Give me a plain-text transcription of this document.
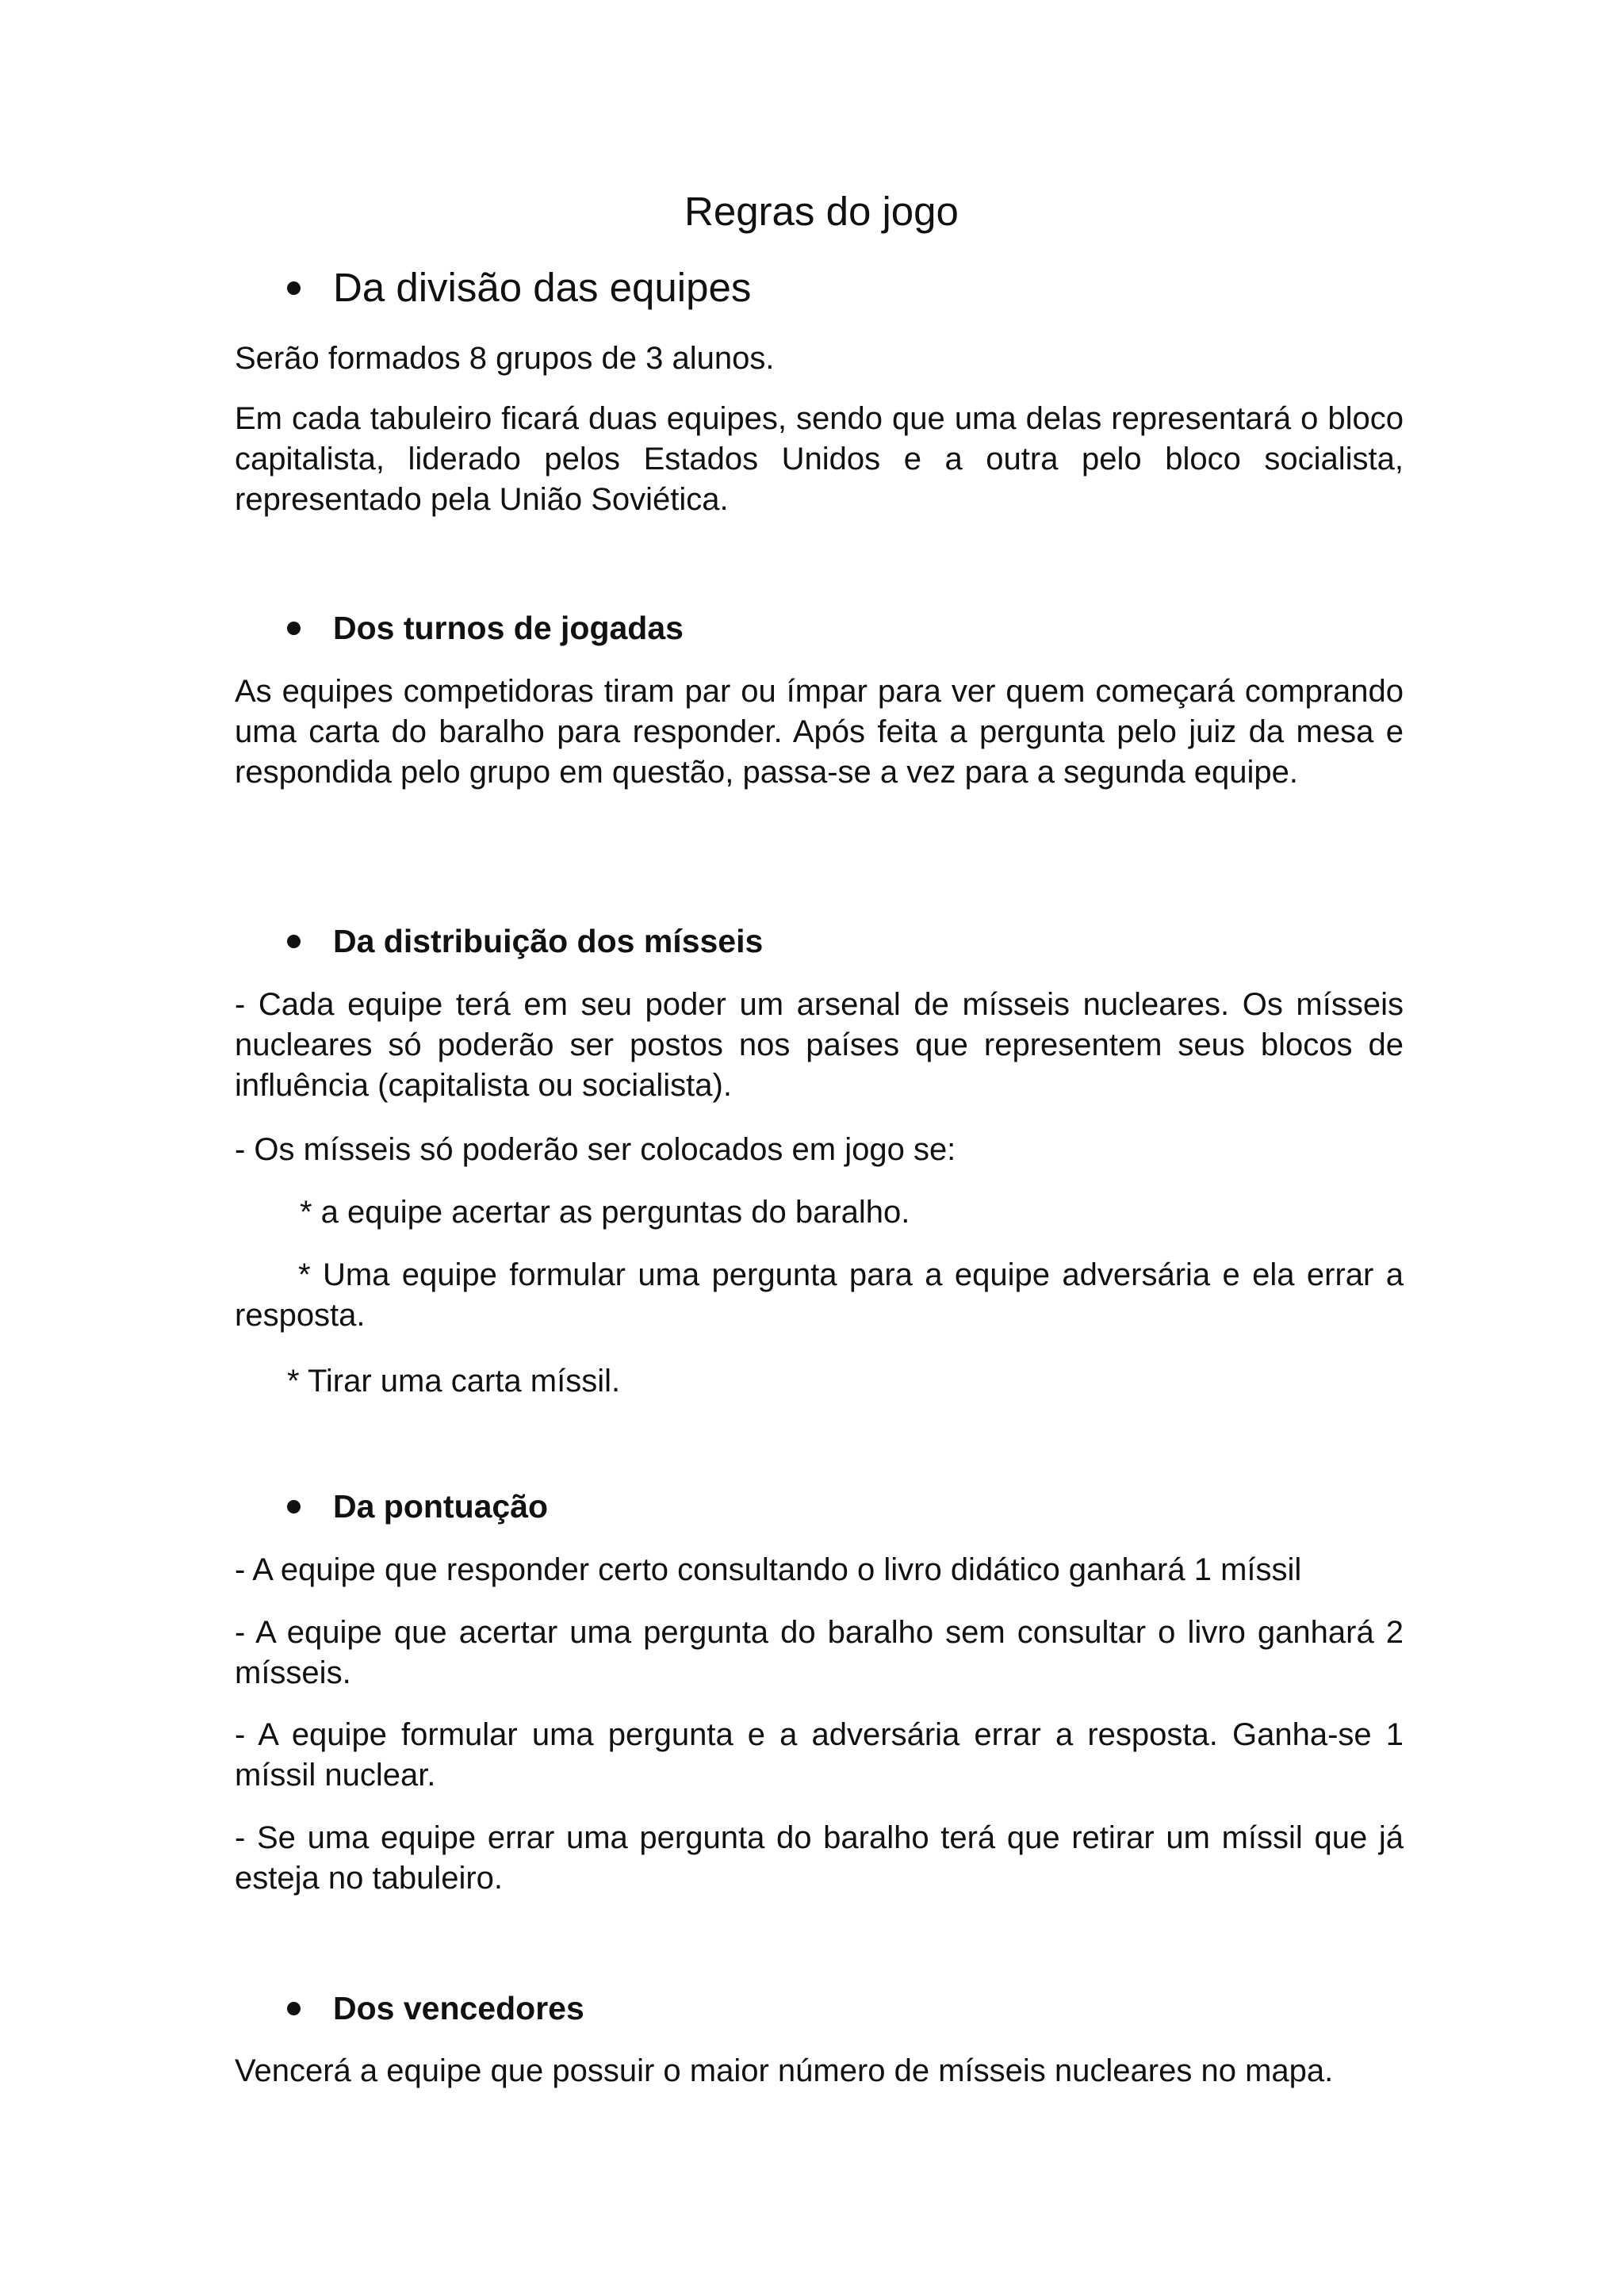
Regras do jogo
Da divisão das equipes

Serão formados 8 grupos de 3 alunos.

Em cada tabuleiro ficará duas equipes, sendo que uma delas representará o bloco capitalista, liderado pelos Estados Unidos e a outra pelo bloco socialista, representado pela União Soviética.

Dos turnos de jogadas

As equipes competidoras tiram par ou ímpar para ver quem começará comprando uma carta do baralho para responder. Após feita a pergunta pelo juiz da mesa e respondida pelo grupo em questão, passa-se a vez para a segunda equipe.

Da distribuição dos mísseis

- Cada equipe terá em seu poder um arsenal de mísseis nucleares. Os mísseis nucleares só poderão ser postos nos países que representem seus blocos de influência (capitalista ou socialista).

- Os mísseis só poderão ser colocados em jogo se:

* a equipe acertar as perguntas do baralho.

* Uma equipe formular uma pergunta para a equipe adversária e ela errar a resposta.

* Tirar uma carta míssil.

Da pontuação

- A equipe que responder certo consultando o livro didático ganhará 1 míssil

- A equipe que acertar uma pergunta do baralho sem consultar o livro ganhará 2 mísseis.

- A equipe formular uma pergunta e a adversária errar a resposta. Ganha-se 1 míssil nuclear.

- Se uma equipe errar uma pergunta do baralho terá que retirar um míssil que já esteja no tabuleiro.

Dos vencedores

Vencerá a equipe que possuir o maior número de mísseis nucleares no mapa.
